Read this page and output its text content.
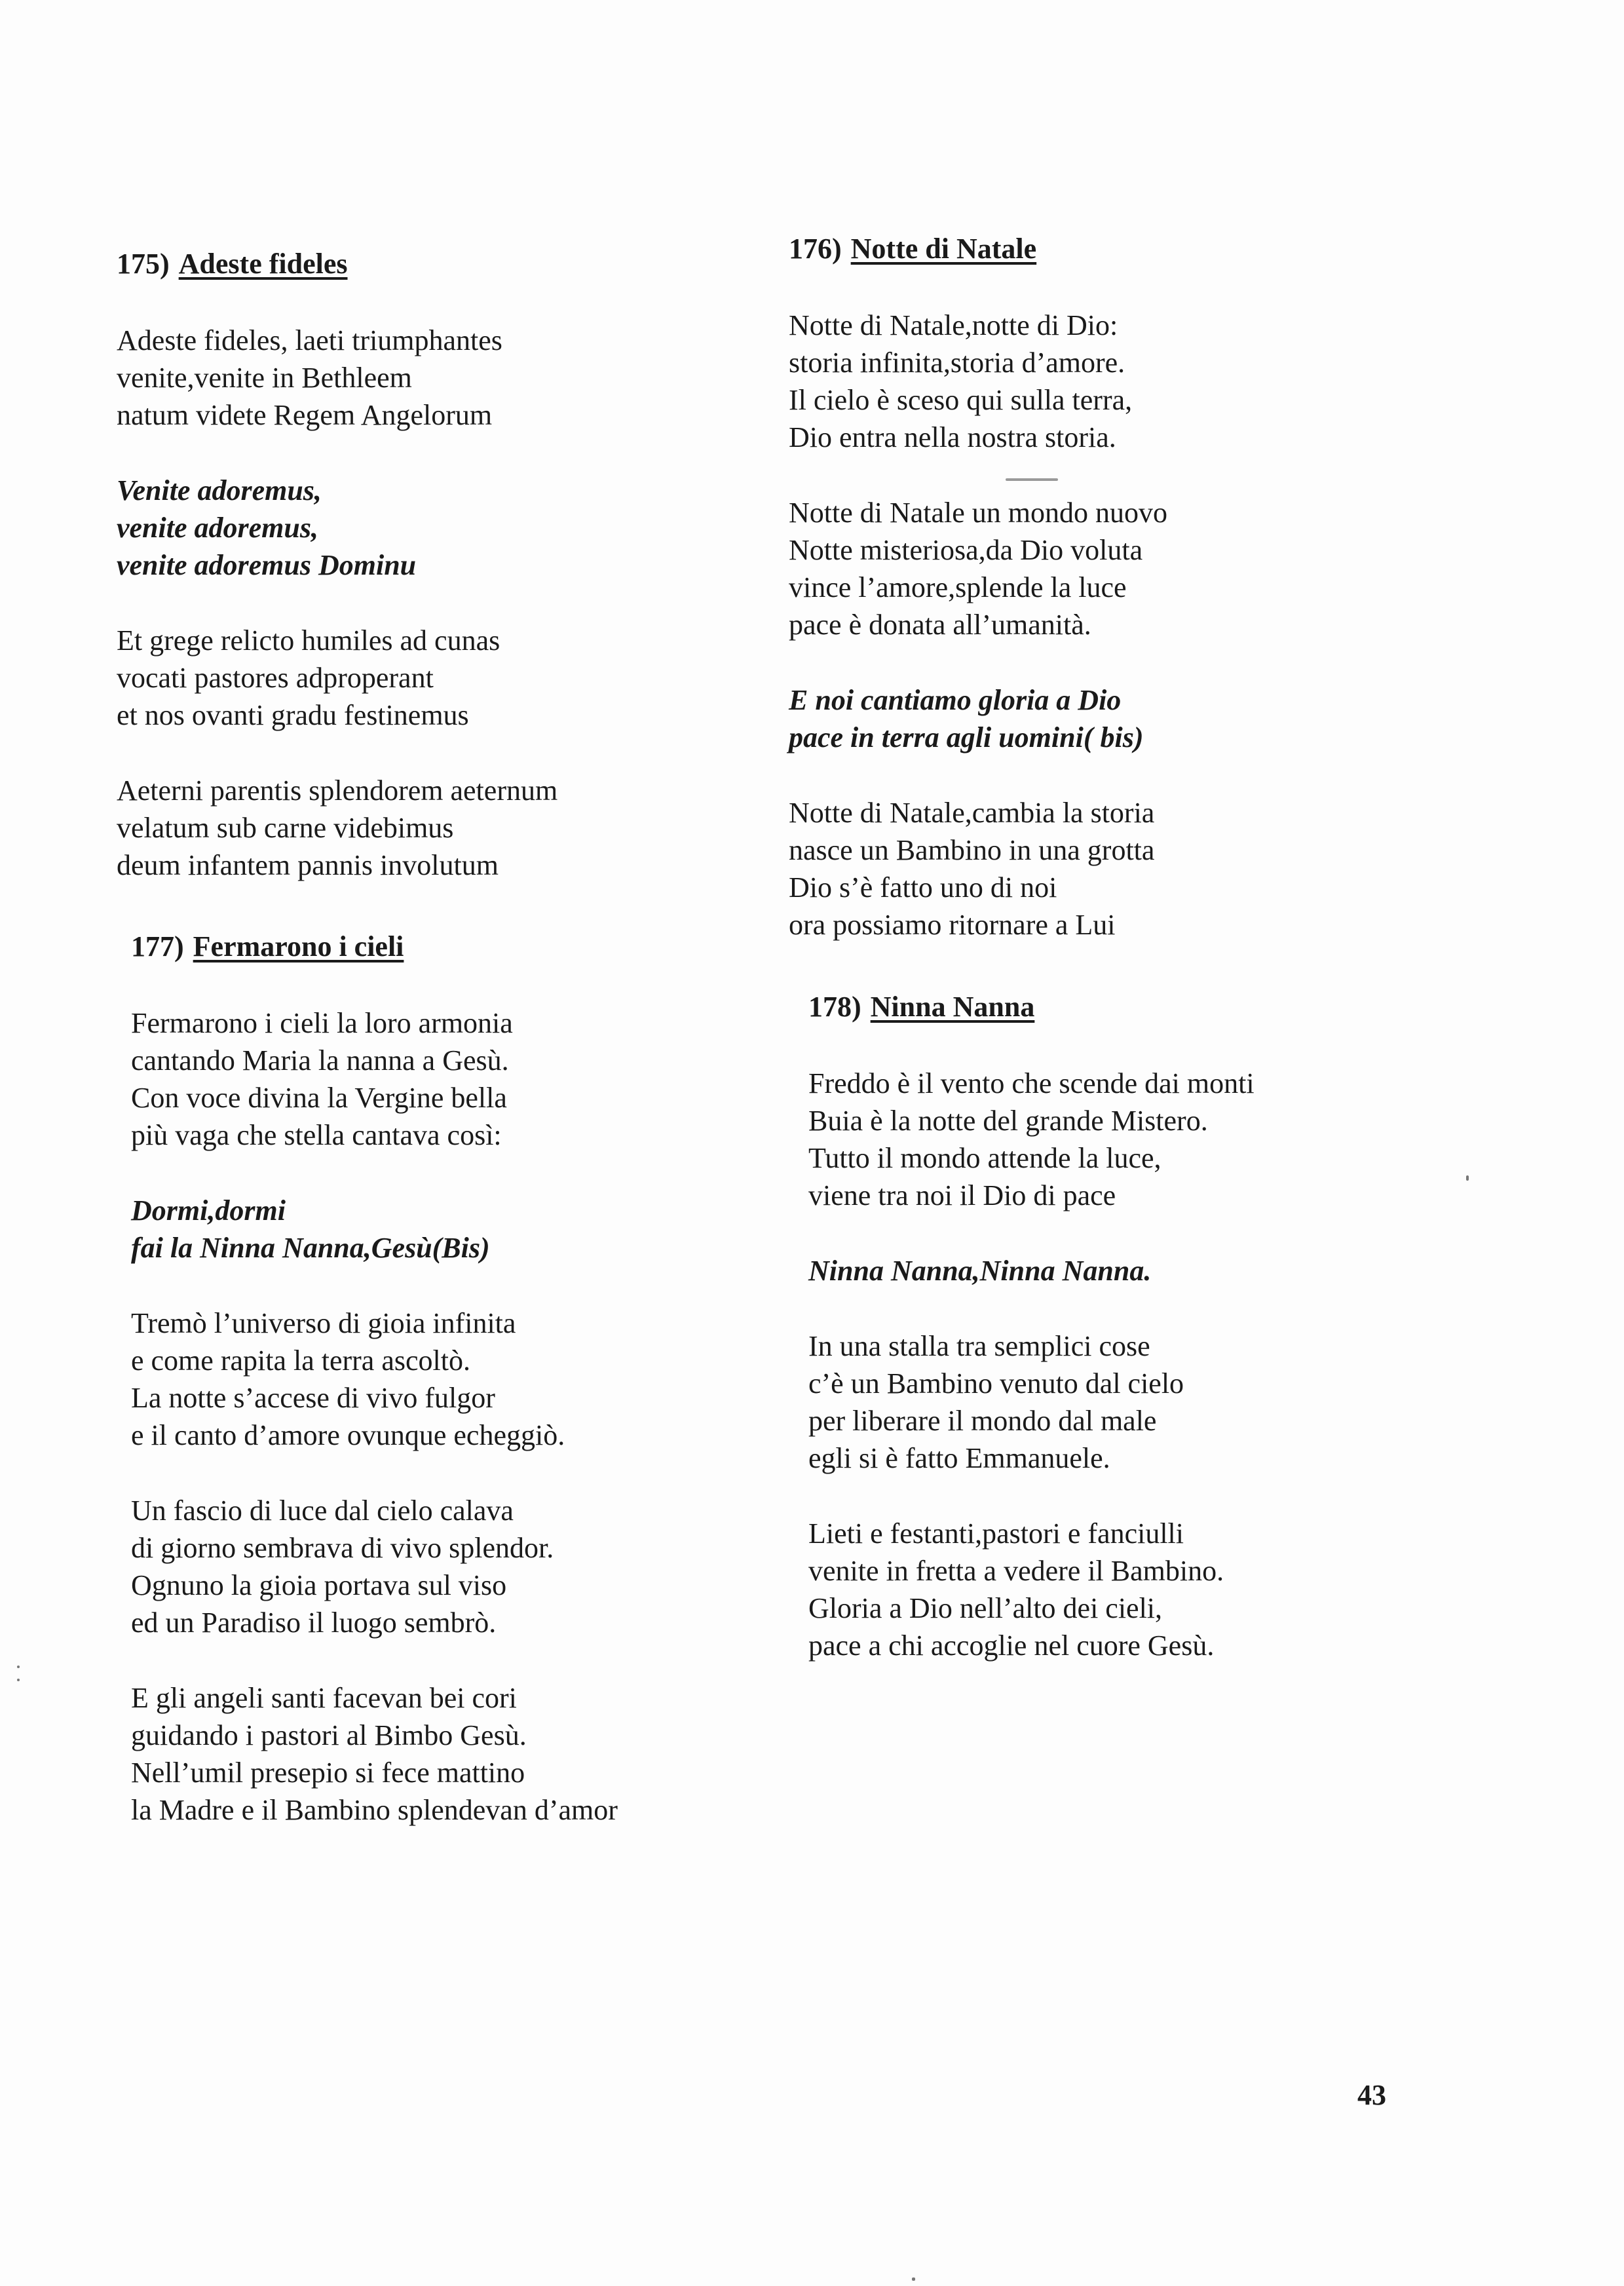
175) Adeste fideles
Adeste fideles, laeti triumphantes
venite,venite in Bethleem
natum videte Regem Angelorum
Venite adoremus,
venite adoremus,
venite adoremus Dominu
Et grege relicto humiles ad cunas
vocati pastores adproperant
et nos ovanti gradu festinemus
Aeterni parentis splendorem aeternum
velatum sub carne videbimus
deum infantem pannis involutum
176) Notte di Natale
Notte di Natale,notte di Dio:
storia infinita,storia d’amore.
Il cielo è sceso qui sulla terra,
Dio entra nella nostra storia.
Notte di Natale un mondo nuovo
Notte misteriosa,da Dio voluta
vince l’amore,splende la luce
pace è donata all’umanità.
E noi cantiamo gloria a Dio
pace in terra agli uomini( bis)
Notte di Natale,cambia la storia
nasce un Bambino in una grotta
Dio s’è fatto uno di noi
ora possiamo ritornare a Lui
177) Fermarono i cieli
Fermarono i cieli la loro armonia
cantando Maria la nanna a Gesù.
Con voce divina la Vergine bella
più vaga che stella cantava così:
Dormi,dormi
fai la Ninna Nanna,Gesù(Bis)
Tremò l’universo di gioia infinita
e come rapita la terra ascoltò.
La notte s’accese di vivo fulgor
e il canto d’amore ovunque echeggiò.
Un fascio di luce dal cielo calava
di giorno sembrava di vivo splendor.
Ognuno la gioia portava sul viso
ed un Paradiso il luogo sembrò.
E gli angeli santi facevan bei cori
guidando i pastori al Bimbo Gesù.
Nell’umil presepio si fece mattino
la Madre e il Bambino splendevan d’amor
178) Ninna Nanna
Freddo è il vento che scende dai monti
Buia è la notte del grande Mistero.
Tutto il mondo attende la luce,
viene tra noi il Dio di pace
Ninna Nanna,Ninna Nanna.
In una stalla tra semplici cose
c’è un Bambino venuto dal cielo
per liberare il mondo dal male
egli si è fatto Emmanuele.
Lieti e festanti,pastori e fanciulli
venite in fretta a vedere il Bambino.
Gloria a Dio nell’alto dei cieli,
pace a chi accoglie nel cuore Gesù.
43
